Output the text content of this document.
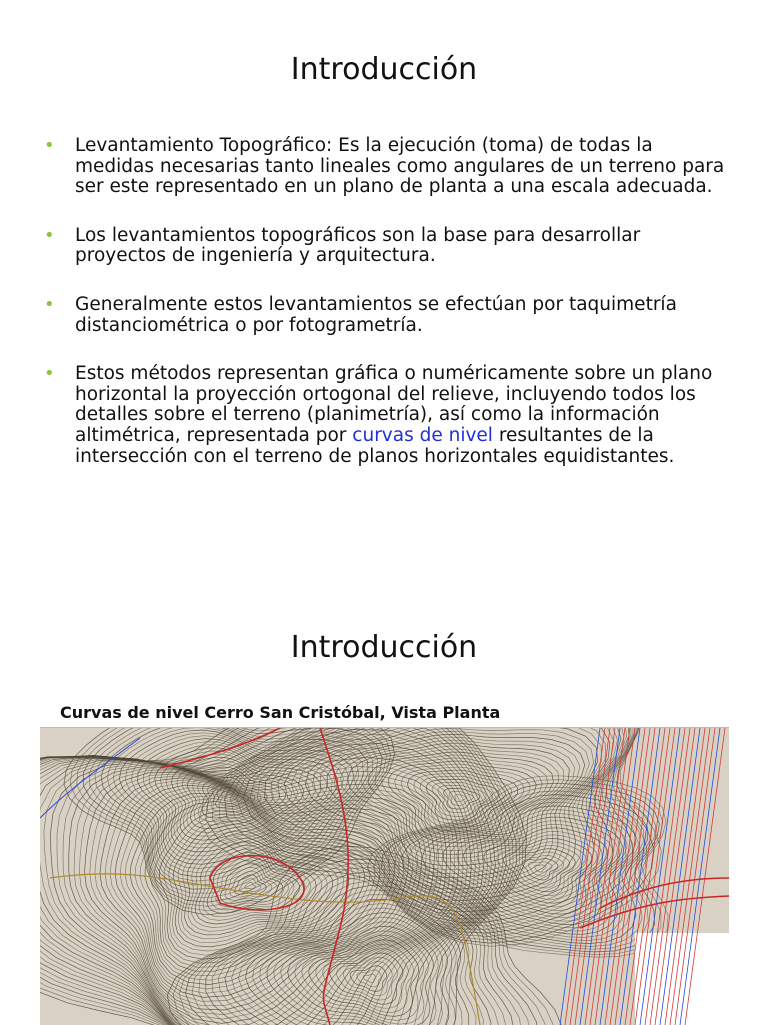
Introducción
• Levantamiento Topográfico: Es la ejecución (toma) de todas la medidas necesarias tanto lineales como angulares de un terreno para ser este representado en un plano de planta a una escala adecuada.
• Los levantamientos topográficos son la base para desarrollar proyectos de ingeniería y arquitectura.
• Generalmente estos levantamientos se efectúan por taquimetría distanciométrica o por fotogrametría.
• Estos métodos representan gráfica o numéricamente sobre un plano horizontal la proyección ortogonal del relieve, incluyendo todos los detalles sobre el terreno (planimetría), así como la información altimétrica, representada por curvas de nivel resultantes de la intersección con el terreno de planos horizontales equidistantes.
Introducción

Curvas de nivel Cerro San Cristóbal, Vista Planta
